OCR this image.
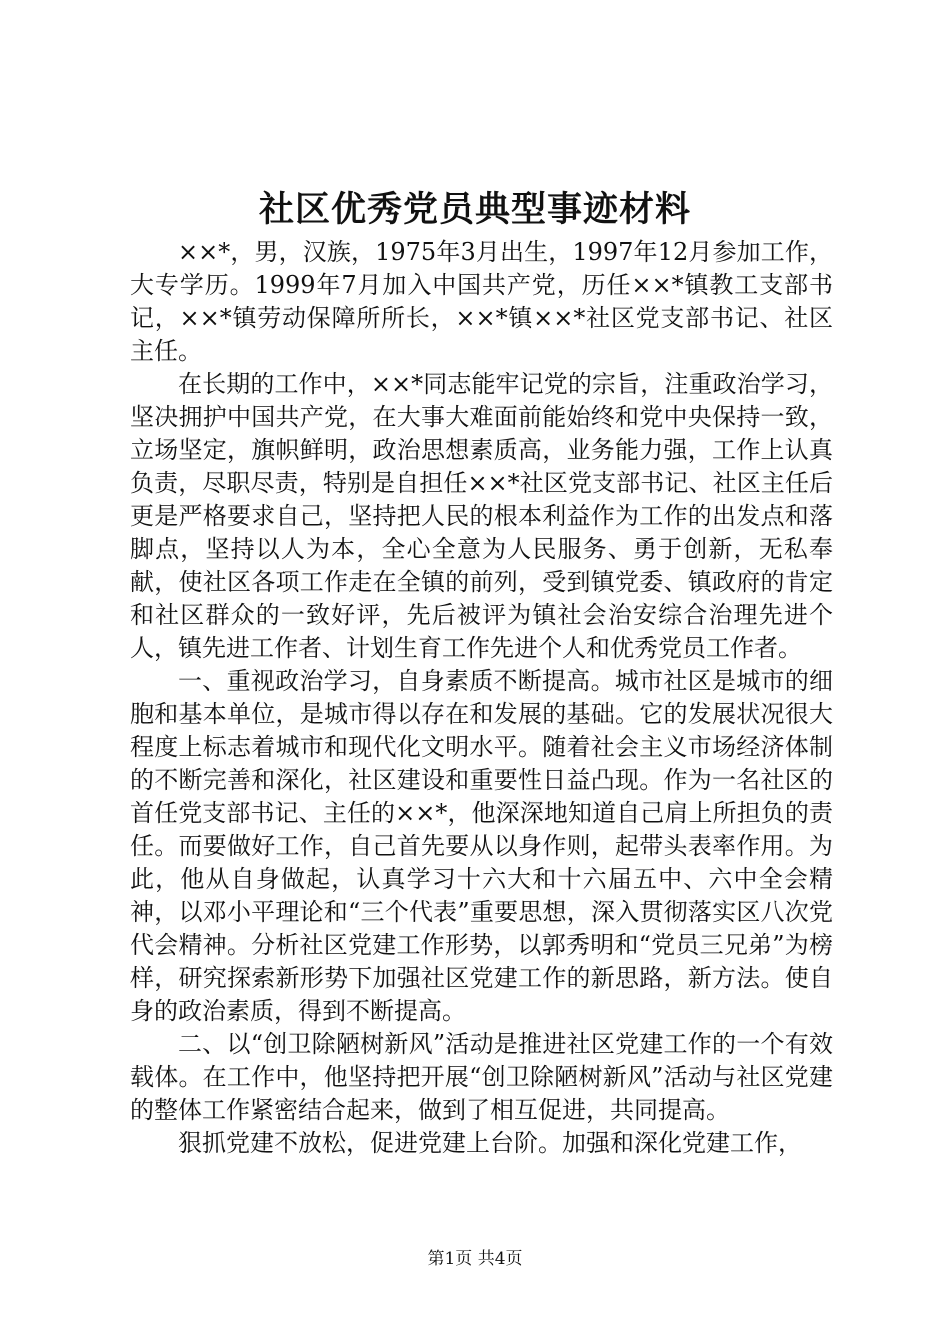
社区优秀党员典型事迹材料

××*，男，汉族，1975年3月出生，1997年12月参加工作，大专学历。1999年7月加入中国共产党，历任××*镇教工支部书记，××*镇劳动保障所所长，××*镇××*社区党支部书记、社区主任。

在长期的工作中，××*同志能牢记党的宗旨，注重政治学习，坚决拥护中国共产党，在大事大难面前能始终和党中央保持一致，立场坚定，旗帜鲜明，政治思想素质高，业务能力强，工作上认真负责，尽职尽责，特别是自担任××*社区党支部书记、社区主任后更是严格要求自己，坚持把人民的根本利益作为工作的出发点和落脚点，坚持以人为本，全心全意为人民服务、勇于创新，无私奉献，使社区各项工作走在全镇的前列，受到镇党委、镇政府的肯定和社区群众的一致好评，先后被评为镇社会治安综合治理先进个人，镇先进工作者、计划生育工作先进个人和优秀党员工作者。

一、重视政治学习，自身素质不断提高。城市社区是城市的细胞和基本单位，是城市得以存在和发展的基础。它的发展状况很大程度上标志着城市和现代化文明水平。随着社会主义市场经济体制的不断完善和深化，社区建设和重要性日益凸现。作为一名社区的首任党支部书记、主任的××*，他深深地知道自己肩上所担负的责任。而要做好工作，自己首先要从以身作则，起带头表率作用。为此，他从自身做起，认真学习十六大和十六届五中、六中全会精神，以邓小平理论和“三个代表”重要思想，深入贯彻落实区八次党代会精神。分析社区党建工作形势，以郭秀明和“党员三兄弟”为榜样，研究探索新形势下加强社区党建工作的新思路，新方法。使自身的政治素质，得到不断提高。

二、以“创卫除陋树新风”活动是推进社区党建工作的一个有效载体。在工作中，他坚持把开展“创卫除陋树新风”活动与社区党建的整体工作紧密结合起来，做到了相互促进，共同提高。

狠抓党建不放松，促进党建上台阶。加强和深化党建工作，

第1页 共4页
